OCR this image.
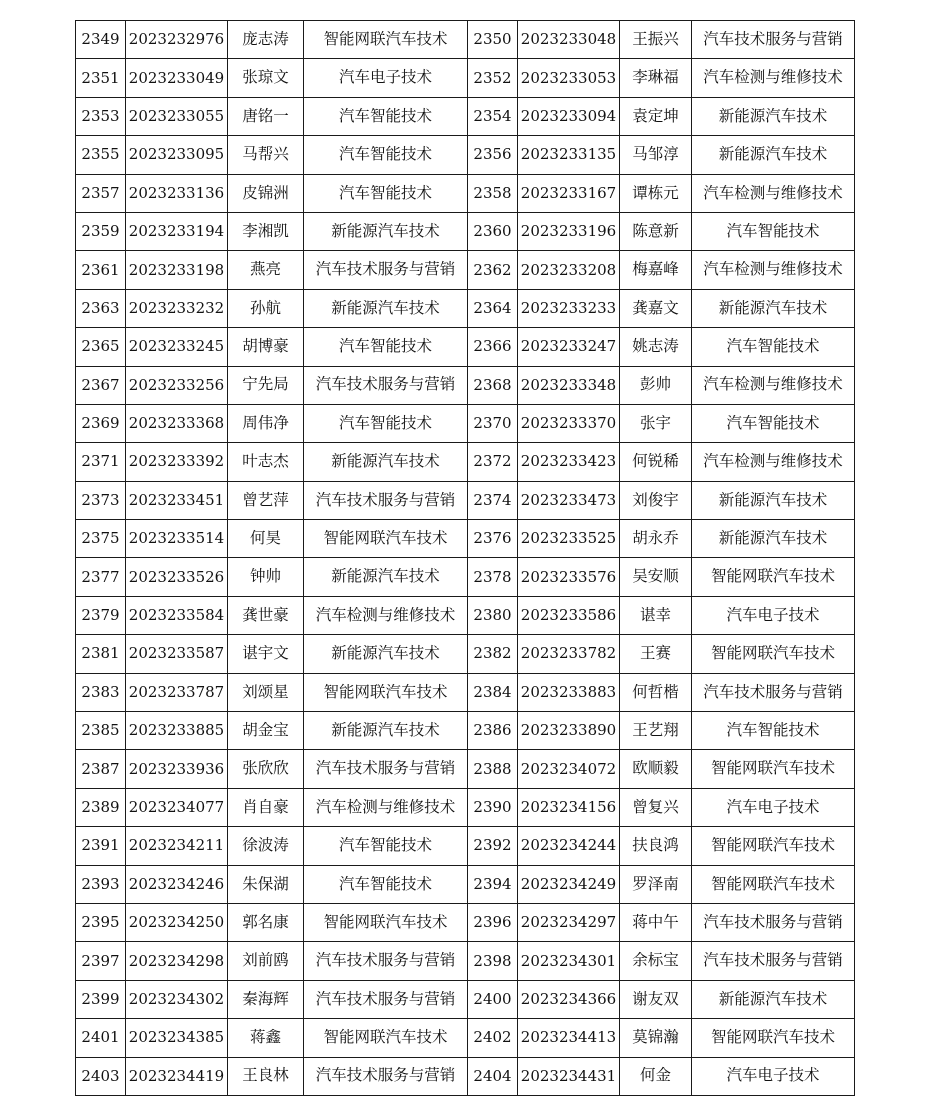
2349	2023232976	庞志涛	智能网联汽车技术	2350	2023233048	王振兴	汽车技术服务与营销
2351	2023233049	张琼文	汽车电子技术	2352	2023233053	李琳福	汽车检测与维修技术
2353	2023233055	唐铭一	汽车智能技术	2354	2023233094	袁定坤	新能源汽车技术
2355	2023233095	马帮兴	汽车智能技术	2356	2023233135	马邹淳	新能源汽车技术
2357	2023233136	皮锦洲	汽车智能技术	2358	2023233167	谭栋元	汽车检测与维修技术
2359	2023233194	李湘凯	新能源汽车技术	2360	2023233196	陈意新	汽车智能技术
2361	2023233198	燕亮	汽车技术服务与营销	2362	2023233208	梅嘉峰	汽车检测与维修技术
2363	2023233232	孙航	新能源汽车技术	2364	2023233233	龚嘉文	新能源汽车技术
2365	2023233245	胡博豪	汽车智能技术	2366	2023233247	姚志涛	汽车智能技术
2367	2023233256	宁先局	汽车技术服务与营销	2368	2023233348	彭帅	汽车检测与维修技术
2369	2023233368	周伟净	汽车智能技术	2370	2023233370	张宇	汽车智能技术
2371	2023233392	叶志杰	新能源汽车技术	2372	2023233423	何锐稀	汽车检测与维修技术
2373	2023233451	曾艺萍	汽车技术服务与营销	2374	2023233473	刘俊宇	新能源汽车技术
2375	2023233514	何昊	智能网联汽车技术	2376	2023233525	胡永乔	新能源汽车技术
2377	2023233526	钟帅	新能源汽车技术	2378	2023233576	吴安顺	智能网联汽车技术
2379	2023233584	龚世豪	汽车检测与维修技术	2380	2023233586	谌幸	汽车电子技术
2381	2023233587	谌宇文	新能源汽车技术	2382	2023233782	王赛	智能网联汽车技术
2383	2023233787	刘颂星	智能网联汽车技术	2384	2023233883	何哲楷	汽车技术服务与营销
2385	2023233885	胡金宝	新能源汽车技术	2386	2023233890	王艺翔	汽车智能技术
2387	2023233936	张欣欣	汽车技术服务与营销	2388	2023234072	欧顺毅	智能网联汽车技术
2389	2023234077	肖自豪	汽车检测与维修技术	2390	2023234156	曾复兴	汽车电子技术
2391	2023234211	徐波涛	汽车智能技术	2392	2023234244	扶良鸿	智能网联汽车技术
2393	2023234246	朱保湖	汽车智能技术	2394	2023234249	罗泽南	智能网联汽车技术
2395	2023234250	郭名康	智能网联汽车技术	2396	2023234297	蒋中午	汽车技术服务与营销
2397	2023234298	刘前鸥	汽车技术服务与营销	2398	2023234301	余标宝	汽车技术服务与营销
2399	2023234302	秦海辉	汽车技术服务与营销	2400	2023234366	谢友双	新能源汽车技术
2401	2023234385	蒋鑫	智能网联汽车技术	2402	2023234413	莫锦瀚	智能网联汽车技术
2403	2023234419	王良林	汽车技术服务与营销	2404	2023234431	何金	汽车电子技术
